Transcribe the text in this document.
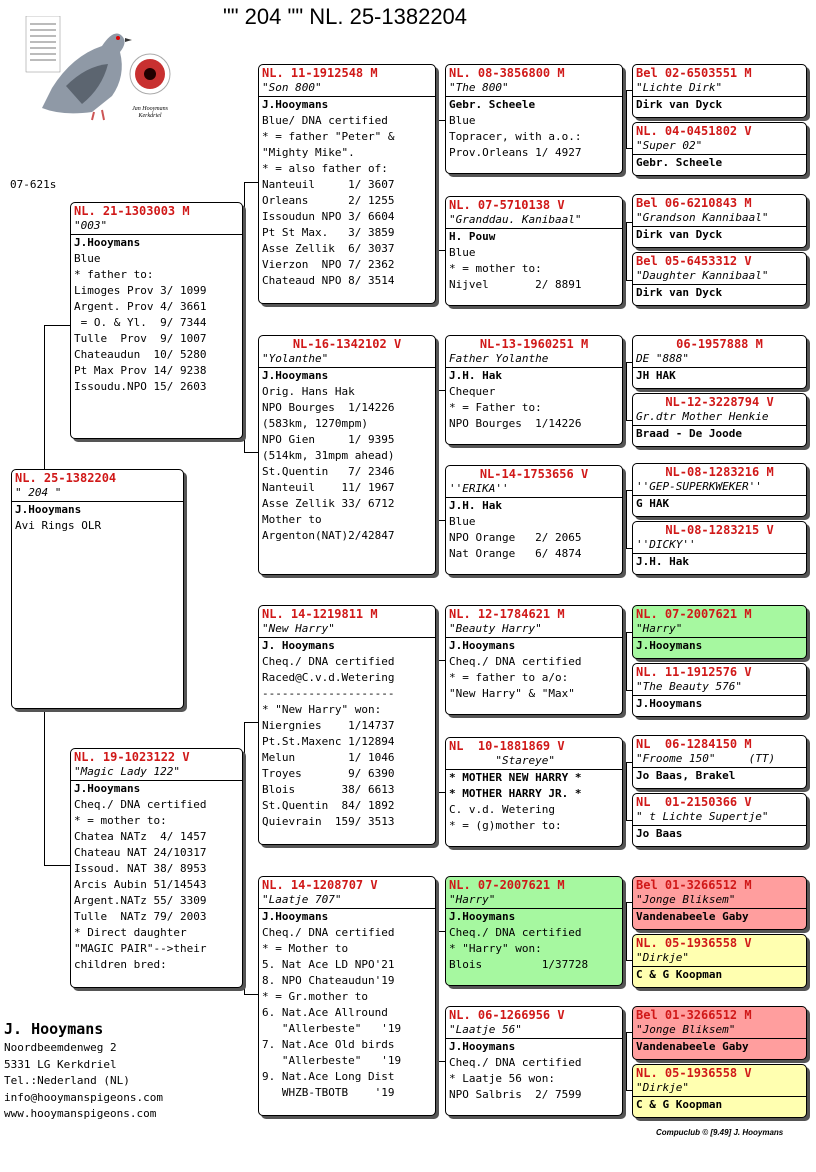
"" 204 "" NL. 25-1382204
Jan Hooymans
Kerkdriel
07-621s
NL. 25-1382204
" 204 "
J.Hooymans
Avi Rings OLR
NL. 21-1303003 M
"003"
J.Hooymans
Blue
* father to:
Limoges Prov 3/ 1099
Argent. Prov 4/ 3661
= O. & Yl.  9/ 7344
Tulle  Prov  9/ 1007
Chateaudun  10/ 5280
Pt Max Prov 14/ 9238
Issoudu.NPO 15/ 2603
NL. 19-1023122 V
"Magic Lady 122"
J.Hooymans
Cheq./ DNA certified
* = mother to:
Chatea NATz  4/ 1457
Chateau NAT 24/10317
Issoud. NAT 38/ 8953
Arcis Aubin 51/14543
Argent.NATz 55/ 3309
Tulle  NATz 79/ 2003
* Direct daughter
"MAGIC PAIR"-->their
children bred:
NL. 11-1912548 M
"Son 800"
J.Hooymans
Blue/ DNA certified
* = father "Peter" &
"Mighty Mike".
* = also father of:
Nanteuil     1/ 3607
Orleans      2/ 1255
Issoudun NPO 3/ 6604
Pt St Max.   3/ 3859
Asse Zellik  6/ 3037
Vierzon  NPO 7/ 2362
Chateaud NPO 8/ 3514
NL-16-1342102 V
"Yolanthe"
J.Hooymans
Orig. Hans Hak
NPO Bourges  1/14226
(583km, 1270mpm)
NPO Gien     1/ 9395
(514km, 31mpm ahead)
St.Quentin   7/ 2346
Nanteuil    11/ 1967
Asse Zellik 33/ 6712
Mother to
Argenton(NAT)2/42847
NL. 14-1219811 M
"New Harry"
J. Hooymans
Cheq./ DNA certified
Raced@C.v.d.Wetering
--------------------
* "New Harry" won:
Niergnies    1/14737
Pt.St.Maxenc 1/12894
Melun        1/ 1046
Troyes       9/ 6390
Blois       38/ 6613
St.Quentin  84/ 1892
Quievrain  159/ 3513
NL. 14-1208707 V
"Laatje 707"
J.Hooymans
Cheq./ DNA certified
* = Mother to
5. Nat Ace LD NPO'21
8. NPO Chateaudun'19
* = Gr.mother to
6. Nat.Ace Allround
"Allerbeste"   '19
7. Nat.Ace Old birds
"Allerbeste"   '19
9. Nat.Ace Long Dist
WHZB-TBOTB    '19
NL. 08-3856800 M
"The 800"
Gebr. Scheele
Blue
Topracer, with a.o.:
Prov.Orleans 1/ 4927
NL. 07-5710138 V
"Granddau. Kanibaal"
H. Pouw
Blue
* = mother to:
Nijvel       2/ 8891
NL-13-1960251 M
Father Yolanthe
J.H. Hak
Chequer
* = Father to:
NPO Bourges  1/14226
NL-14-1753656 V
''ERIKA''
J.H. Hak
Blue
NPO Orange   2/ 2065
Nat Orange   6/ 4874
NL. 12-1784621 M
"Beauty Harry"
J.Hooymans
Cheq./ DNA certified
* = father to a/o:
"New Harry" & "Max"
NL  10-1881869 V
"Stareye"
* MOTHER NEW HARRY *
* MOTHER HARRY JR. *
C. v.d. Wetering
* = (g)mother to:
NL. 07-2007621 M
"Harry"
J.Hooymans
Cheq./ DNA certified
* "Harry" won:
Blois         1/37728
NL. 06-1266956 V
"Laatje 56"
J.Hooymans
Cheq./ DNA certified
* Laatje 56 won:
NPO Salbris  2/ 7599
Bel 02-6503551 M
"Lichte Dirk"
Dirk van Dyck
NL. 04-0451802 V
"Super 02"
Gebr. Scheele
Bel 06-6210843 M
"Grandson Kannibaal"
Dirk van Dyck
Bel 05-6453312 V
"Daughter Kannibaal"
Dirk van Dyck
06-1957888 M
DE "888"
JH HAK
NL-12-3228794 V
Gr.dtr Mother Henkie
Braad - De Joode
NL-08-1283216 M
''GEP-SUPERKWEKER''
G HAK
NL-08-1283215 V
''DICKY''
J.H. Hak
NL. 07-2007621 M
"Harry"
J.Hooymans
NL. 11-1912576 V
"The Beauty 576"
J.Hooymans
NL  06-1284150 M
"Froome 150"     (TT)
Jo Baas, Brakel
NL  01-2150366 V
" t Lichte Supertje"
Jo Baas
Bel 01-3266512 M
"Jonge Bliksem"
Vandenabeele Gaby
NL. 05-1936558 V
"Dirkje"
C & G Koopman
Bel 01-3266512 M
"Jonge Bliksem"
Vandenabeele Gaby
NL. 05-1936558 V
"Dirkje"
C & G Koopman
J. Hooymans
Noordbeemdenweg 2
5331 LG Kerkdriel
Tel.:Nederland (NL)
info@hooymanspigeons.com
www.hooymanspigeons.com
Compuclub © [9.49] J. Hooymans
